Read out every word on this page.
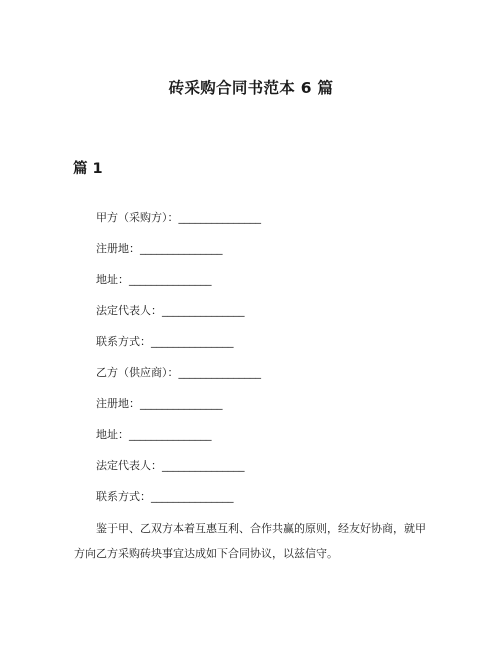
砖采购合同书范本 6 篇
篇 1
甲方（采购方）：_______________
注册地：_______________
地址：_______________
法定代表人：_______________
联系方式：_______________
乙方（供应商）：_______________
注册地：_______________
地址：_______________
法定代表人：_______________
联系方式：_______________
鉴于甲、乙双方本着互惠互利、合作共赢的原则，经友好协商，就甲方向乙方采购砖块事宜达成如下合同协议，以兹信守。
